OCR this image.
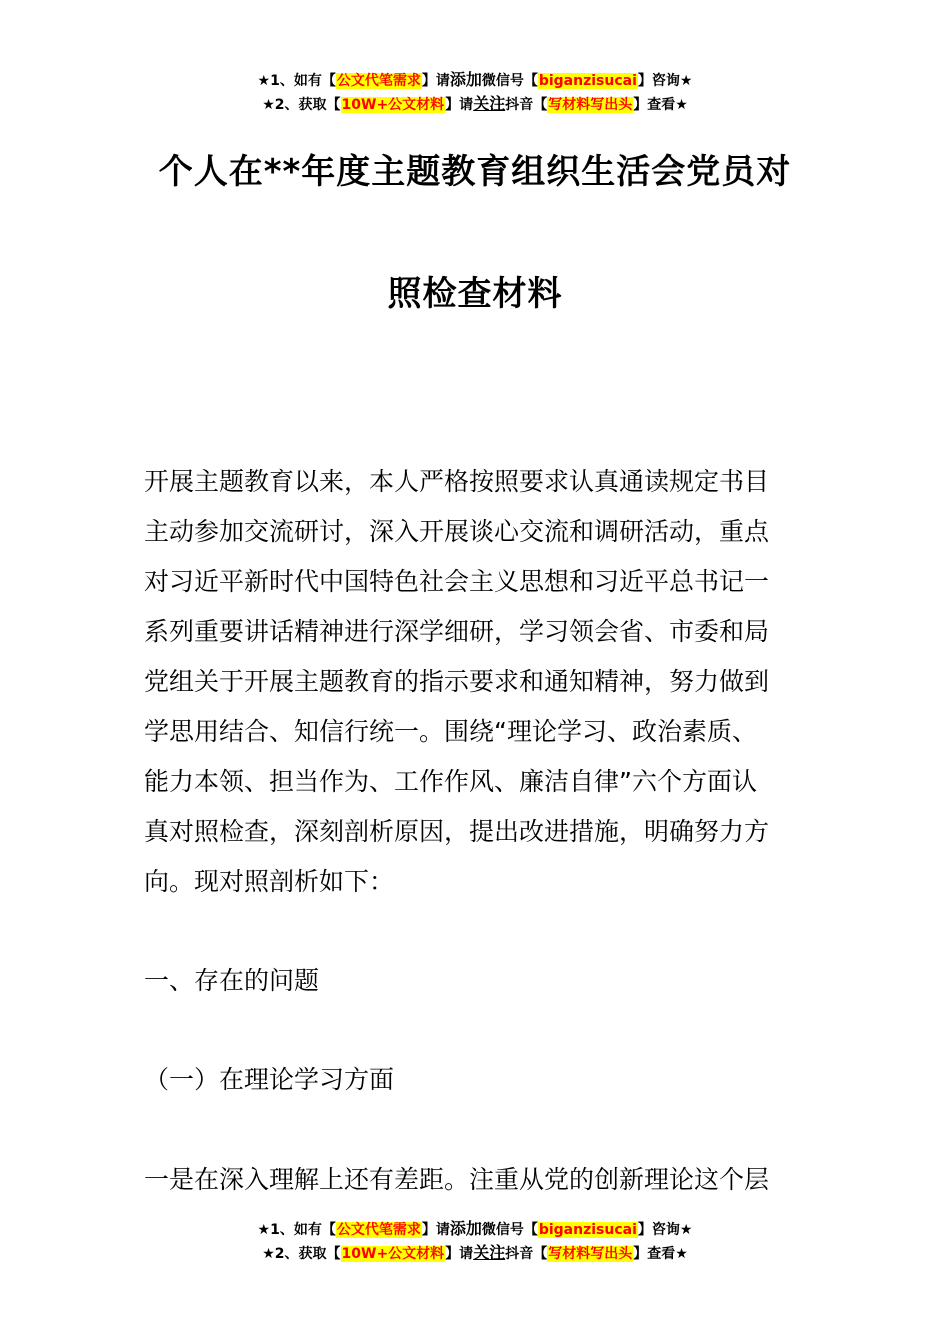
★1、如有【公文代笔需求】请添加微信号【biganzisucai】咨询★
★2、获取【10W+公文材料】请关注抖音【写材料写出头】查看★
个人在**年度主题教育组织生活会党员对
照检查材料
开展主题教育以来，本人严格按照要求认真通读规定书目
主动参加交流研讨，深入开展谈心交流和调研活动，重点
对习近平新时代中国特色社会主义思想和习近平总书记一
系列重要讲话精神进行深学细研，学习领会省、市委和局
党组关于开展主题教育的指示要求和通知精神，努力做到
学思用结合、知信行统一。围绕“理论学习、政治素质、
能力本领、担当作为、工作作风、廉洁自律”六个方面认
真对照检查，深刻剖析原因，提出改进措施，明确努力方
向。现对照剖析如下：
一、存在的问题
（一）在理论学习方面
一是在深入理解上还有差距。注重从党的创新理论这个层
★1、如有【公文代笔需求】请添加微信号【biganzisucai】咨询★
★2、获取【10W+公文材料】请关注抖音【写材料写出头】查看★
